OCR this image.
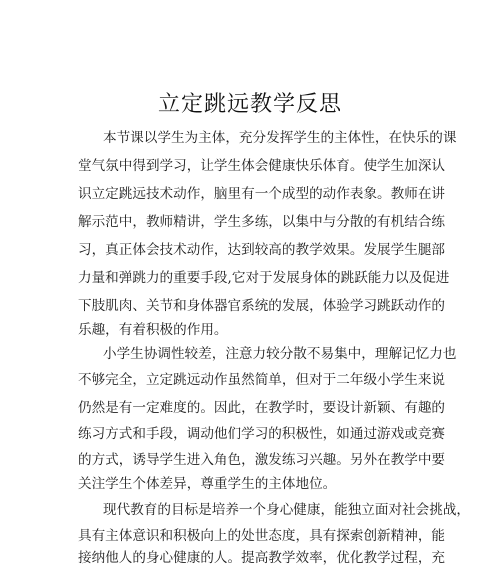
立定跳远教学反思
本节课以学生为主体，充分发挥学生的主体性，在快乐的课
堂气氛中得到学习，让学生体会健康快乐体育。使学生加深认
识立定跳远技术动作，脑里有一个成型的动作表象。教师在讲
解示范中，教师精讲，学生多练，以集中与分散的有机结合练
习，真正体会技术动作，达到较高的教学效果。发展学生腿部
力量和弹跳力的重要手段,它对于发展身体的跳跃能力以及促进
下肢肌肉、关节和身体器官系统的发展，体验学习跳跃动作的
乐趣，有着积极的作用。
小学生协调性较差，注意力较分散不易集中，理解记忆力也
不够完全，立定跳远动作虽然简单，但对于二年级小学生来说
仍然是有一定难度的。因此，在教学时，要设计新颖、有趣的
练习方式和手段，调动他们学习的积极性，如通过游戏或竞赛
的方式，诱导学生进入角色，激发练习兴趣。另外在教学中要
关注学生个体差异，尊重学生的主体地位。
现代教育的目标是培养一个身心健康，能独立面对社会挑战，
具有主体意识和积极向上的处世态度，具有探索创新精神，能
接纳他人的身心健康的人。提高教学效率，优化教学过程，充
